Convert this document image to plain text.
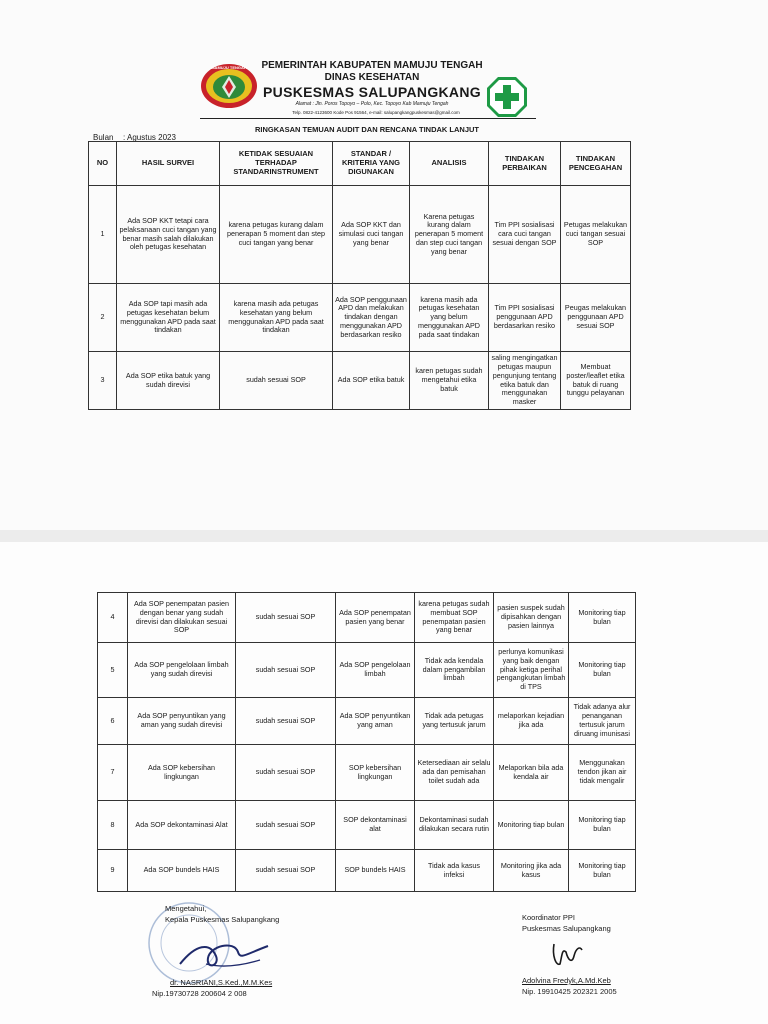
MAMUJU TENGAH	PEMERINTAH KABUPATEN MAMUJU TENGAH
DINAS KESEHATAN
PUSKESMAS SALUPANGKANG
Alamat : Jln. Poros Topoyo – Polo, Kec. Topoyo Kab Mamuju Tengah
Telp. 0822-4123600 Kode Pos 91564, e-mail: salupangkangpuskesmas@gmail.com
RINGKASAN TEMUAN AUDIT DAN RENCANA TINDAK LANJUT
Bulan : Agustus 2023
NO	HASIL SURVEI	KETIDAK SESUAIAN TERHADAP STANDARINSTRUMENT	STANDAR / KRITERIA YANG DIGUNAKAN	ANALISIS	TINDAKAN PERBAIKAN	TINDAKAN PENCEGAHAN
1	Ada SOP KKT tetapi cara pelaksanaan cuci tangan yang benar masih salah dilakukan oleh petugas kesehatan	karena petugas kurang dalam penerapan 5 moment dan step cuci tangan yang benar	Ada SOP KKT dan simulasi cuci tangan yang benar	Karena petugas kurang dalam penerapan 5 moment dan step cuci tangan yang benar	Tim PPI sosialisasi cara cuci tangan sesuai dengan SOP	Petugas melakukan cuci tangan sesuai SOP
2	Ada SOP tapi masih ada petugas kesehatan belum menggunakan APD pada saat tindakan	karena masih ada petugas kesehatan yang belum menggunakan APD pada saat tindakan	Ada SOP penggunaan APD dan melakukan tindakan dengan menggunakan APD berdasarkan resiko	karena masih ada petugas kesehatan yang belum menggunakan APD pada saat tindakan	Tim PPI sosialisasi penggunaan APD berdasarkan resiko	Peugas melakukan penggunaan APD sesuai SOP
3	Ada SOP etika batuk yang sudah direvisi	sudah sesuai SOP	Ada SOP etika batuk	karen petugas sudah mengetahui etika batuk	saling mengingatkan petugas maupun pengunjung tentang etika batuk dan menggunakan masker	Membuat poster/leaflet etika batuk di ruang tunggu pelayanan
4	Ada SOP penempatan pasien dengan benar yang sudah direvisi dan dilakukan sesuai SOP	sudah sesuai SOP	Ada SOP penempatan pasien yang benar	karena petugas sudah membuat SOP penempatan pasien yang benar	pasien suspek sudah dipisahkan dengan pasien lainnya	Monitoring tiap bulan
5	Ada SOP pengelolaan limbah yang sudah direvisi	sudah sesuai SOP	Ada SOP pengelolaan limbah	Tidak ada kendala dalam pengambilan limbah	perlunya komunikasi yang baik dengan pihak ketiga perihal pengangkutan limbah di TPS	Monitoring tiap bulan
6	Ada SOP penyuntikan yang aman yang sudah direvisi	sudah sesuai SOP	Ada SOP penyuntikan yang aman	Tidak ada petugas yang tertusuk jarum	melaporkan kejadian jika ada	Tidak adanya alur penanganan tertusuk jarum diruang imunisasi
7	Ada SOP kebersihan lingkungan	sudah sesuai SOP	SOP kebersihan lingkungan	Ketersediaan air selalu ada dan pemisahan toilet sudah ada	Melaporkan bila ada kendala air	Menggunakan tendon jikan air tidak mengalir
8	Ada SOP dekontaminasi Alat	sudah sesuai SOP	SOP dekontaminasi alat	Dekontaminasi sudah dilakukan secara rutin	Monitoring tiap bulan	Monitoring tiap bulan
9	Ada SOP bundels HAIS	sudah sesuai SOP	SOP bundels HAIS	Tidak ada kasus infeksi	Monitoring jika ada kasus	Monitoring tiap bulan
Mengetahui,
Kepala Puskesmas Salupangkang
dr. NASRIANI,S.Ked.,M.M.Kes
Nip.19730728 200604 2 008
Koordinator PPI
Puskesmas Salupangkang
Adolvina Fredyk,A.Md.Keb
Nip. 19910425 202321 2005
